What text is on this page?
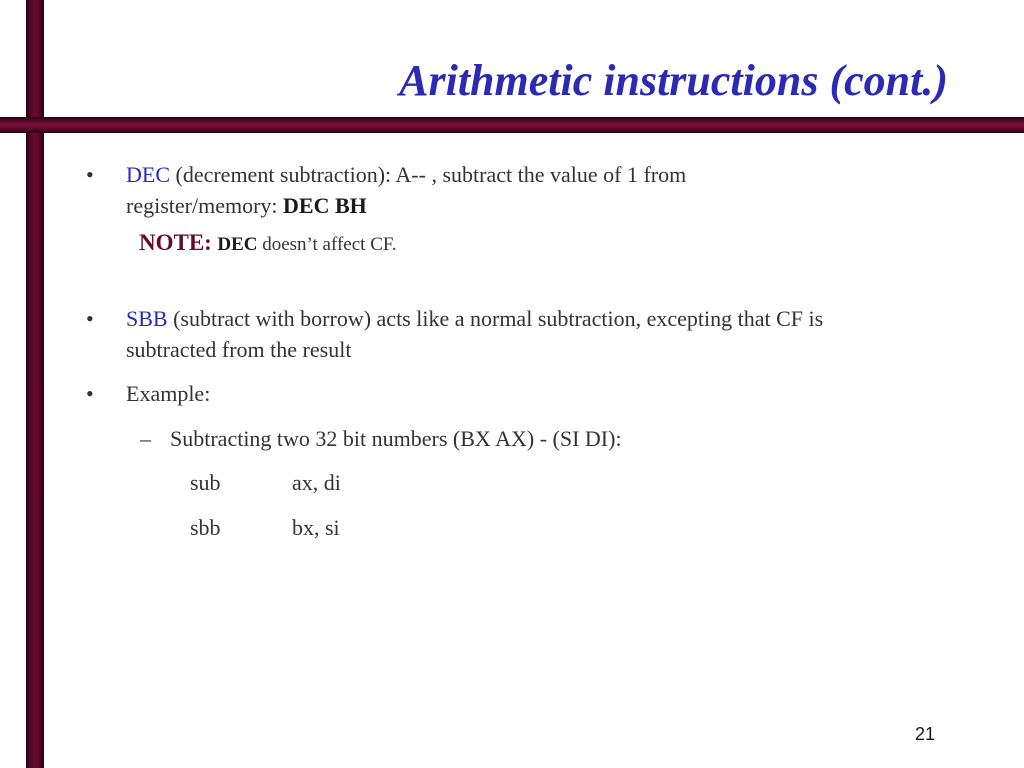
Arithmetic instructions (cont.)
• DEC (decrement subtraction): A-- , subtract the value of 1 from
register/memory: DEC BH
NOTE: DEC doesn’t affect CF.
• SBB (subtract with borrow) acts like a normal subtraction, excepting that CF is
subtracted from the result
• Example:
– Subtracting two 32 bit numbers (BX AX) - (SI DI):
sub	ax, di
sbb	bx, si
21
